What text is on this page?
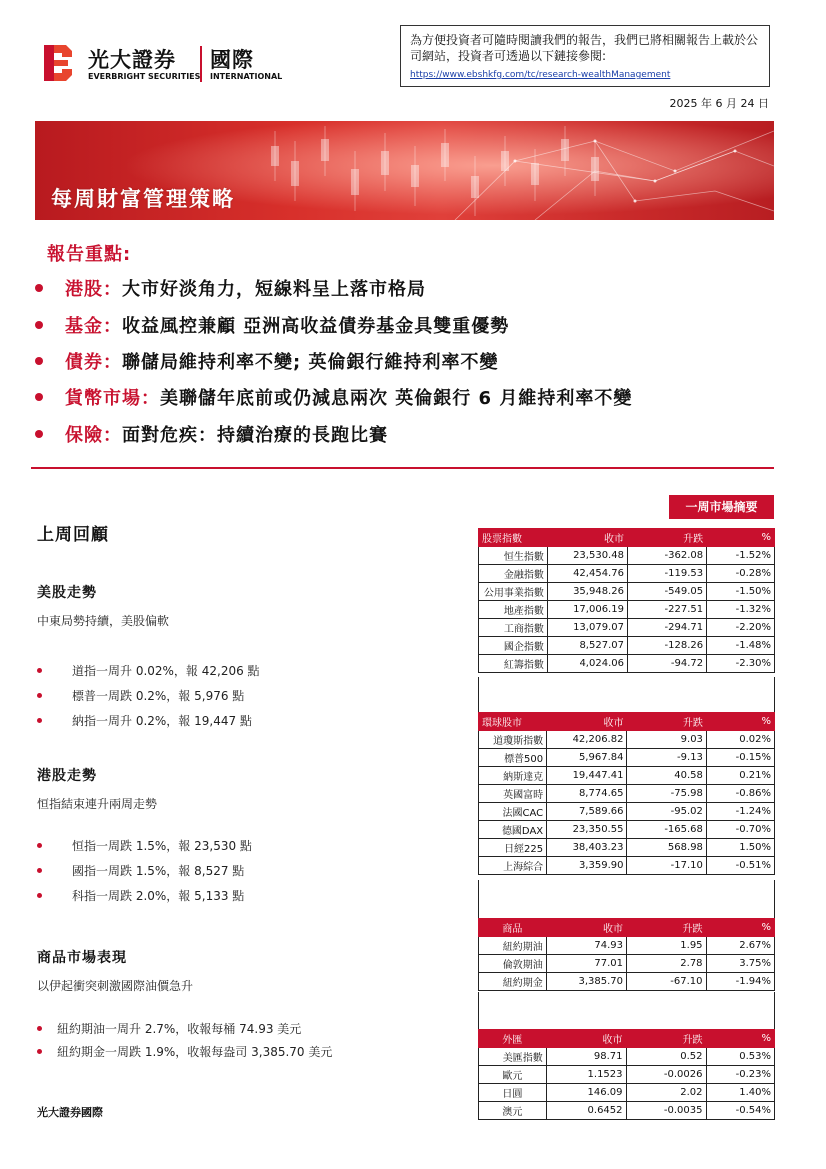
光大證券 國際
EVERBRIGHT SECURITIES INTERNATIONAL
為方便投資者可隨時閱讀我們的報告，我們已將相關報告上載於公司網站，投資者可透過以下鏈接參閱:
https://www.ebshkfg.com/tc/research-wealthManagement
2025 年 6 月 24 日
每周財富管理策略
報告重點:
港股：大市好淡角力，短線料呈上落市格局
基金：收益風控兼顧 亞洲高收益債券基金具雙重優勢
債券：聯儲局維持利率不變; 英倫銀行維持利率不變
貨幣市場：美聯儲年底前或仍減息兩次 英倫銀行 6 月維持利率不變
保險：面對危疾：持續治療的長跑比賽
上周回顧
美股走勢
中東局勢持續，美股偏軟
道指一周升 0.02%，報 42,206 點
標普一周跌 0.2%，報 5,976 點
納指一周升 0.2%，報 19,447 點
港股走勢
恒指結束連升兩周走勢
恒指一周跌 1.5%，報 23,530 點
國指一周跌 1.5%，報 8,527 點
科指一周跌 2.0%，報 5,133 點
商品市場表現
以伊起衝突刺激國際油價急升
紐約期油一周升 2.7%，收報每桶 74.93 美元
紐約期金一周跌 1.9%，收報每盎司 3,385.70 美元
光大證券國際
一周市場摘要
股票指數	收市	升跌	%
恒生指數	23,530.48	-362.08	-1.52%
金融指數	42,454.76	-119.53	-0.28%
公用事業指數	35,948.26	-549.05	-1.50%
地產指數	17,006.19	-227.51	-1.32%
工商指數	13,079.07	-294.71	-2.20%
國企指數	8,527.07	-128.26	-1.48%
紅籌指數	4,024.06	-94.72	-2.30%
環球股市	收市	升跌	%
道瓊斯指數	42,206.82	9.03	0.02%
標普500	5,967.84	-9.13	-0.15%
納斯達克	19,447.41	40.58	0.21%
英國富時	8,774.65	-75.98	-0.86%
法國CAC	7,589.66	-95.02	-1.24%
德國DAX	23,350.55	-165.68	-0.70%
日經225	38,403.23	568.98	1.50%
上海綜合	3,359.90	-17.10	-0.51%
商品	收市	升跌	%
紐約期油	74.93	1.95	2.67%
倫敦期油	77.01	2.78	3.75%
紐約期金	3,385.70	-67.10	-1.94%
外匯	收市	升跌	%
美匯指數	98.71	0.52	0.53%
歐元	1.1523	-0.0026	-0.23%
日圓	146.09	2.02	1.40%
澳元	0.6452	-0.0035	-0.54%
